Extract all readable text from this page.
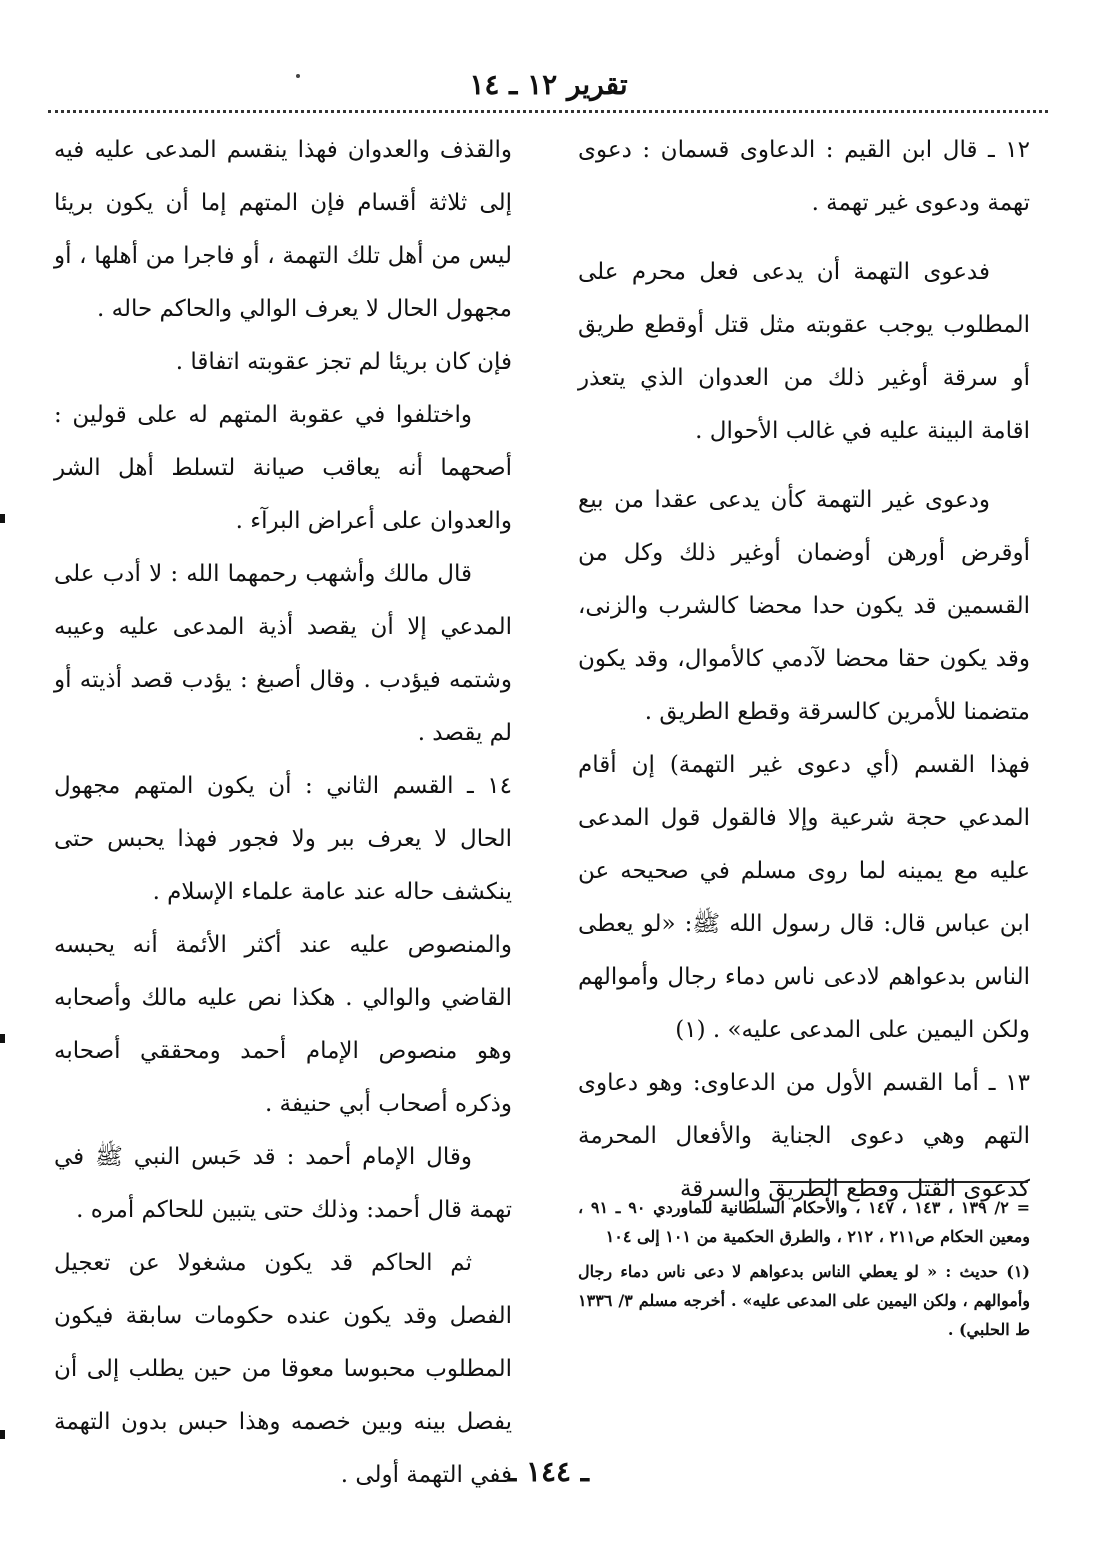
تقرير ١٢ ـ ١٤

١٢ ـ قال ابن القيم : الدعاوى قسمان : دعوى تهمة ودعوى غير تهمة .

فدعوى التهمة أن يدعى فعل محرم على المطلوب يوجب عقوبته مثل قتل أوقطع طريق أو سرقة أوغير ذلك من العدوان الذي يتعذر اقامة البينة عليه في غالب الأحوال .

ودعوى غير التهمة كأن يدعى عقدا من بيع أوقرض أورهن أوضمان أوغير ذلك وكل من القسمين قد يكون حدا محضا كالشرب والزنى، وقد يكون حقا محضا لآدمي كالأموال، وقد يكون متضمنا للأمرين كالسرقة وقطع الطريق .

فهذا القسم (أي دعوى غير التهمة) إن أقام المدعي حجة شرعية وإلا فالقول قول المدعى عليه مع يمينه لما روى مسلم في صحيحه عن ابن عباس قال: قال رسول الله ﷺ: «لو يعطى الناس بدعواهم لادعى ناس دماء رجال وأموالهم ولكن اليمين على المدعى عليه» . (١)

١٣ ـ أما القسم الأول من الدعاوى: وهو دعاوى التهم وهي دعوى الجناية والأفعال المحرمة كدعوى القتل وقطع الطريق والسرقة

والقذف والعدوان فهذا ينقسم المدعى عليه فيه إلى ثلاثة أقسام فإن المتهم إما أن يكون بريئا ليس من أهل تلك التهمة ، أو فاجرا من أهلها ، أو مجهول الحال لا يعرف الوالي والحاكم حاله .

فإن كان بريئا لم تجز عقوبته اتفاقا .

واختلفوا في عقوبة المتهم له على قولين : أصحهما أنه يعاقب صيانة لتسلط أهل الشر والعدوان على أعراض البرآء .

قال مالك وأشهب رحمهما الله : لا أدب على المدعي إلا أن يقصد أذية المدعى عليه وعيبه وشتمه فيؤدب . وقال أصبغ : يؤدب قصد أذيته أو لم يقصد .

١٤ ـ القسم الثاني : أن يكون المتهم مجهول الحال لا يعرف ببر ولا فجور فهذا يحبس حتى ينكشف حاله عند عامة علماء الإسلام .

والمنصوص عليه عند أكثر الأئمة أنه يحبسه القاضي والوالي . هكذا نص عليه مالك وأصحابه وهو منصوص الإمام أحمد ومحققي أصحابه وذكره أصحاب أبي حنيفة .

وقال الإمام أحمد : قد حَبس النبي ﷺ في تهمة قال أحمد: وذلك حتى يتبين للحاكم أمره .

ثم الحاكم قد يكون مشغولا عن تعجيل الفصل وقد يكون عنده حكومات سابقة فيكون المطلوب محبوسا معوقا من حين يطلب إلى أن يفصل بينه وبين خصمه وهذا حبس بدون التهمة ففي التهمة أولى .

= ٢/ ١٣٩ ، ١٤٣ ، ١٤٧ ، والأحكام السلطانية للماوردي ٩٠ ـ ٩١ ، ومعين الحكام ص٢١١ ، ٢١٢ ، والطرق الحكمية من ١٠١ إلى ١٠٤

(١) حديث : « لو يعطي الناس بدعواهم لا دعى ناس دماء رجال وأموالهم ، ولكن اليمين على المدعى عليه» . أخرجه مسلم ٣/ ١٣٣٦ ط الحلبي) .

ـ ١٤٤ ـ
